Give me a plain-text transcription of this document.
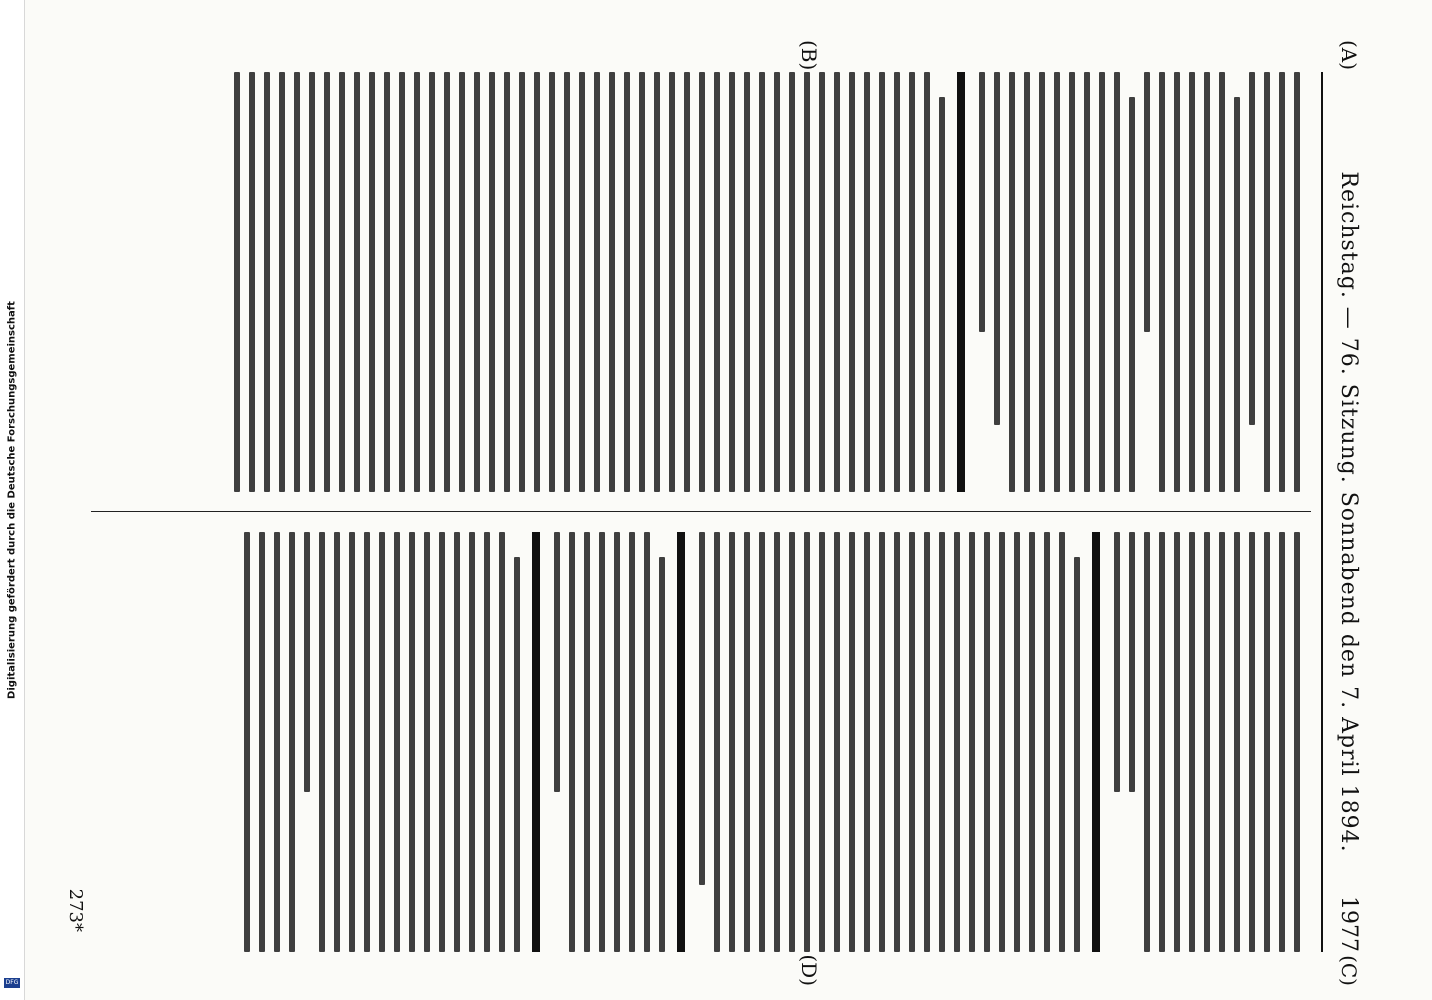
Digitalisierung gefördert durch die Deutsche Forschungsgemeinschaft
DFG
Reichstag. — 76. Sitzung. Sonnabend den 7. April 1894.
1977
(A)
(B)
(C)
(D)
273*
